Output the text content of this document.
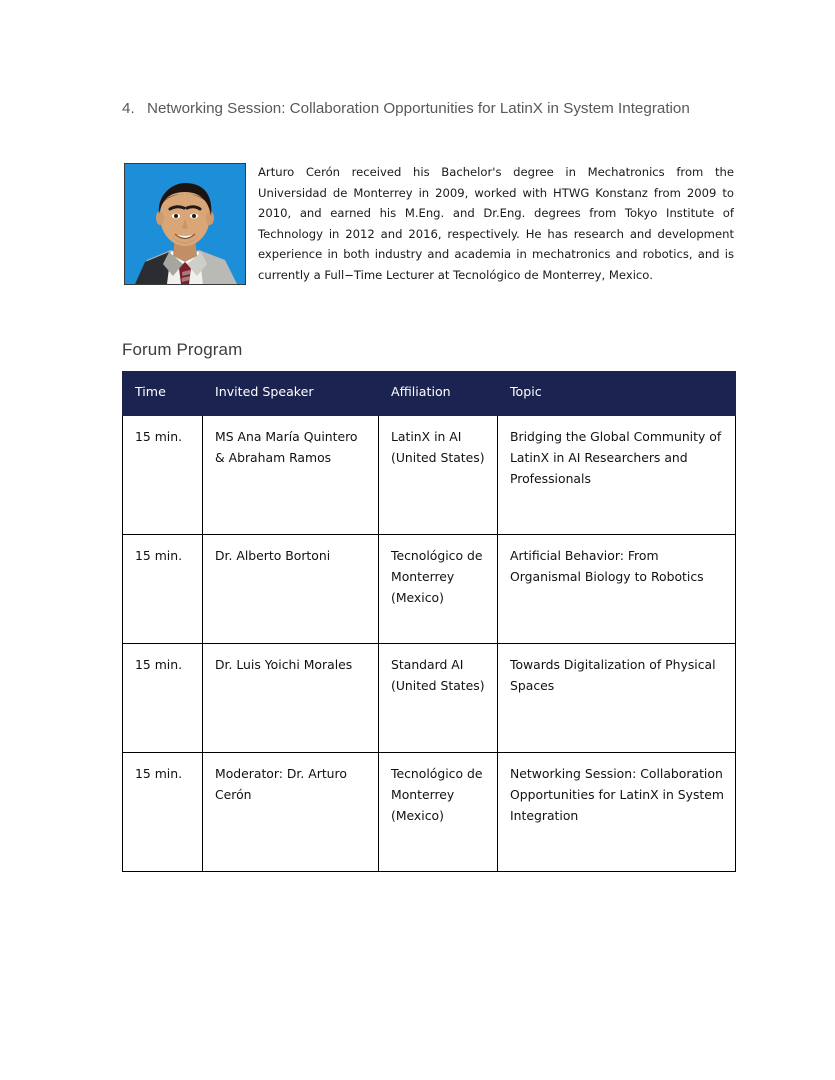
4. Networking Session: Collaboration Opportunities for LatinX in System Integration
Arturo Cerón received his Bachelor's degree in Mechatronics from the Universidad de Monterrey in 2009, worked with HTWG Konstanz from 2009 to 2010, and earned his M.Eng. and Dr.Eng. degrees from Tokyo Institute of Technology in 2012 and 2016, respectively. He has research and development experience in both industry and academia in mechatronics and robotics, and is currently a Full−Time Lecturer at Tecnológico de Monterrey, Mexico.
Forum Program
Time	Invited Speaker	Affiliation	Topic
15 min.	MS Ana María Quintero & Abraham Ramos	LatinX in AI (United States)	Bridging the Global Community of LatinX in AI Researchers and Professionals
15 min.	Dr. Alberto Bortoni	Tecnológico de Monterrey (Mexico)	Artificial Behavior: From Organismal Biology to Robotics
15 min.	Dr. Luis Yoichi Morales	Standard AI (United States)	Towards Digitalization of Physical Spaces
15 min.	Moderator: Dr. Arturo Cerón	Tecnológico de Monterrey (Mexico)	Networking Session: Collaboration Opportunities for LatinX in System Integration
